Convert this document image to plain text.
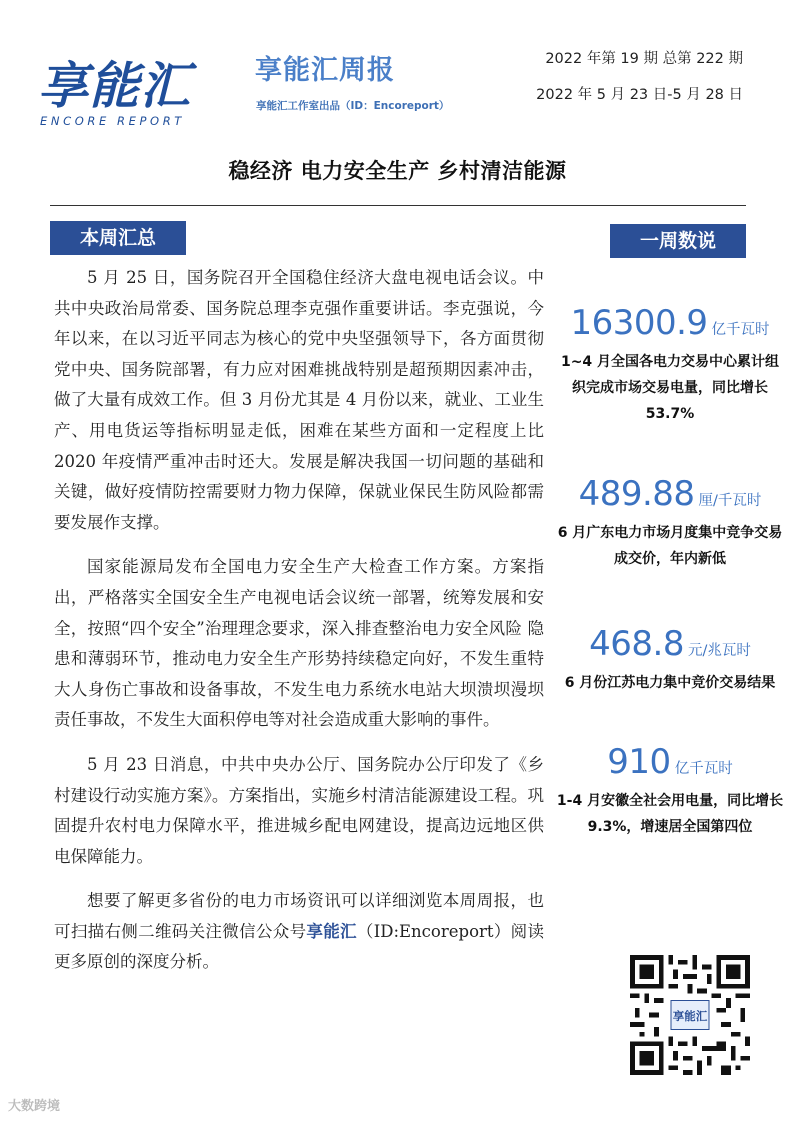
享能汇
ENCORE REPORT
享能汇周报
享能汇工作室出品（ID：Encoreport）
2022 年第 19 期 总第 222 期
2022 年 5 月 23 日-5 月 28 日
稳经济 电力安全生产 乡村清洁能源
本周汇总	一周数说

5 月 25 日，国务院召开全国稳住经济大盘电视电话会议。中共中央政治局常委、国务院总理李克强作重要讲话。李克强说，今年以来，在以习近平同志为核心的党中央坚强领导下，各方面贯彻党中央、国务院部署，有力应对困难挑战特别是超预期因素冲击，做了大量有成效工作。但 3 月份尤其是 4 月份以来，就业、工业生产、用电货运等指标明显走低，困难在某些方面和一定程度上比 2020 年疫情严重冲击时还大。发展是解决我国一切问题的基础和关键，做好疫情防控需要财力物力保障，保就业保民生防风险都需要发展作支撑。

国家能源局发布全国电力安全生产大检查工作方案。方案指出，严格落实全国安全生产电视电话会议统一部署，统筹发展和安全，按照“四个安全”治理理念要求，深入排查整治电力安全风险 隐患和薄弱环节，推动电力安全生产形势持续稳定向好，不发生重特大人身伤亡事故和设备事故，不发生电力系统水电站大坝溃坝漫坝责任事故，不发生大面积停电等对社会造成重大影响的事件。

5 月 23 日消息，中共中央办公厅、国务院办公厅印发了《乡村建设行动实施方案》。方案指出，实施乡村清洁能源建设工程。巩固提升农村电力保障水平，推进城乡配电网建设，提高边远地区供电保障能力。

想要了解更多省份的电力市场资讯可以详细浏览本周周报，也可扫描右侧二维码关注微信公众号享能汇（ID:Encoreport）阅读更多原创的深度分析。

16300.9 亿千瓦时
1~4 月全国各电力交易中心累计组织完成市场交易电量，同比增长 53.7%
489.88 厘/千瓦时
6 月广东电力市场月度集中竞争交易成交价，年内新低
468.8 元/兆瓦时
6 月份江苏电力集中竞价交易结果
910 亿千瓦时
1-4 月安徽全社会用电量，同比增长 9.3%，增速居全国第四位
享能汇
大数跨境
